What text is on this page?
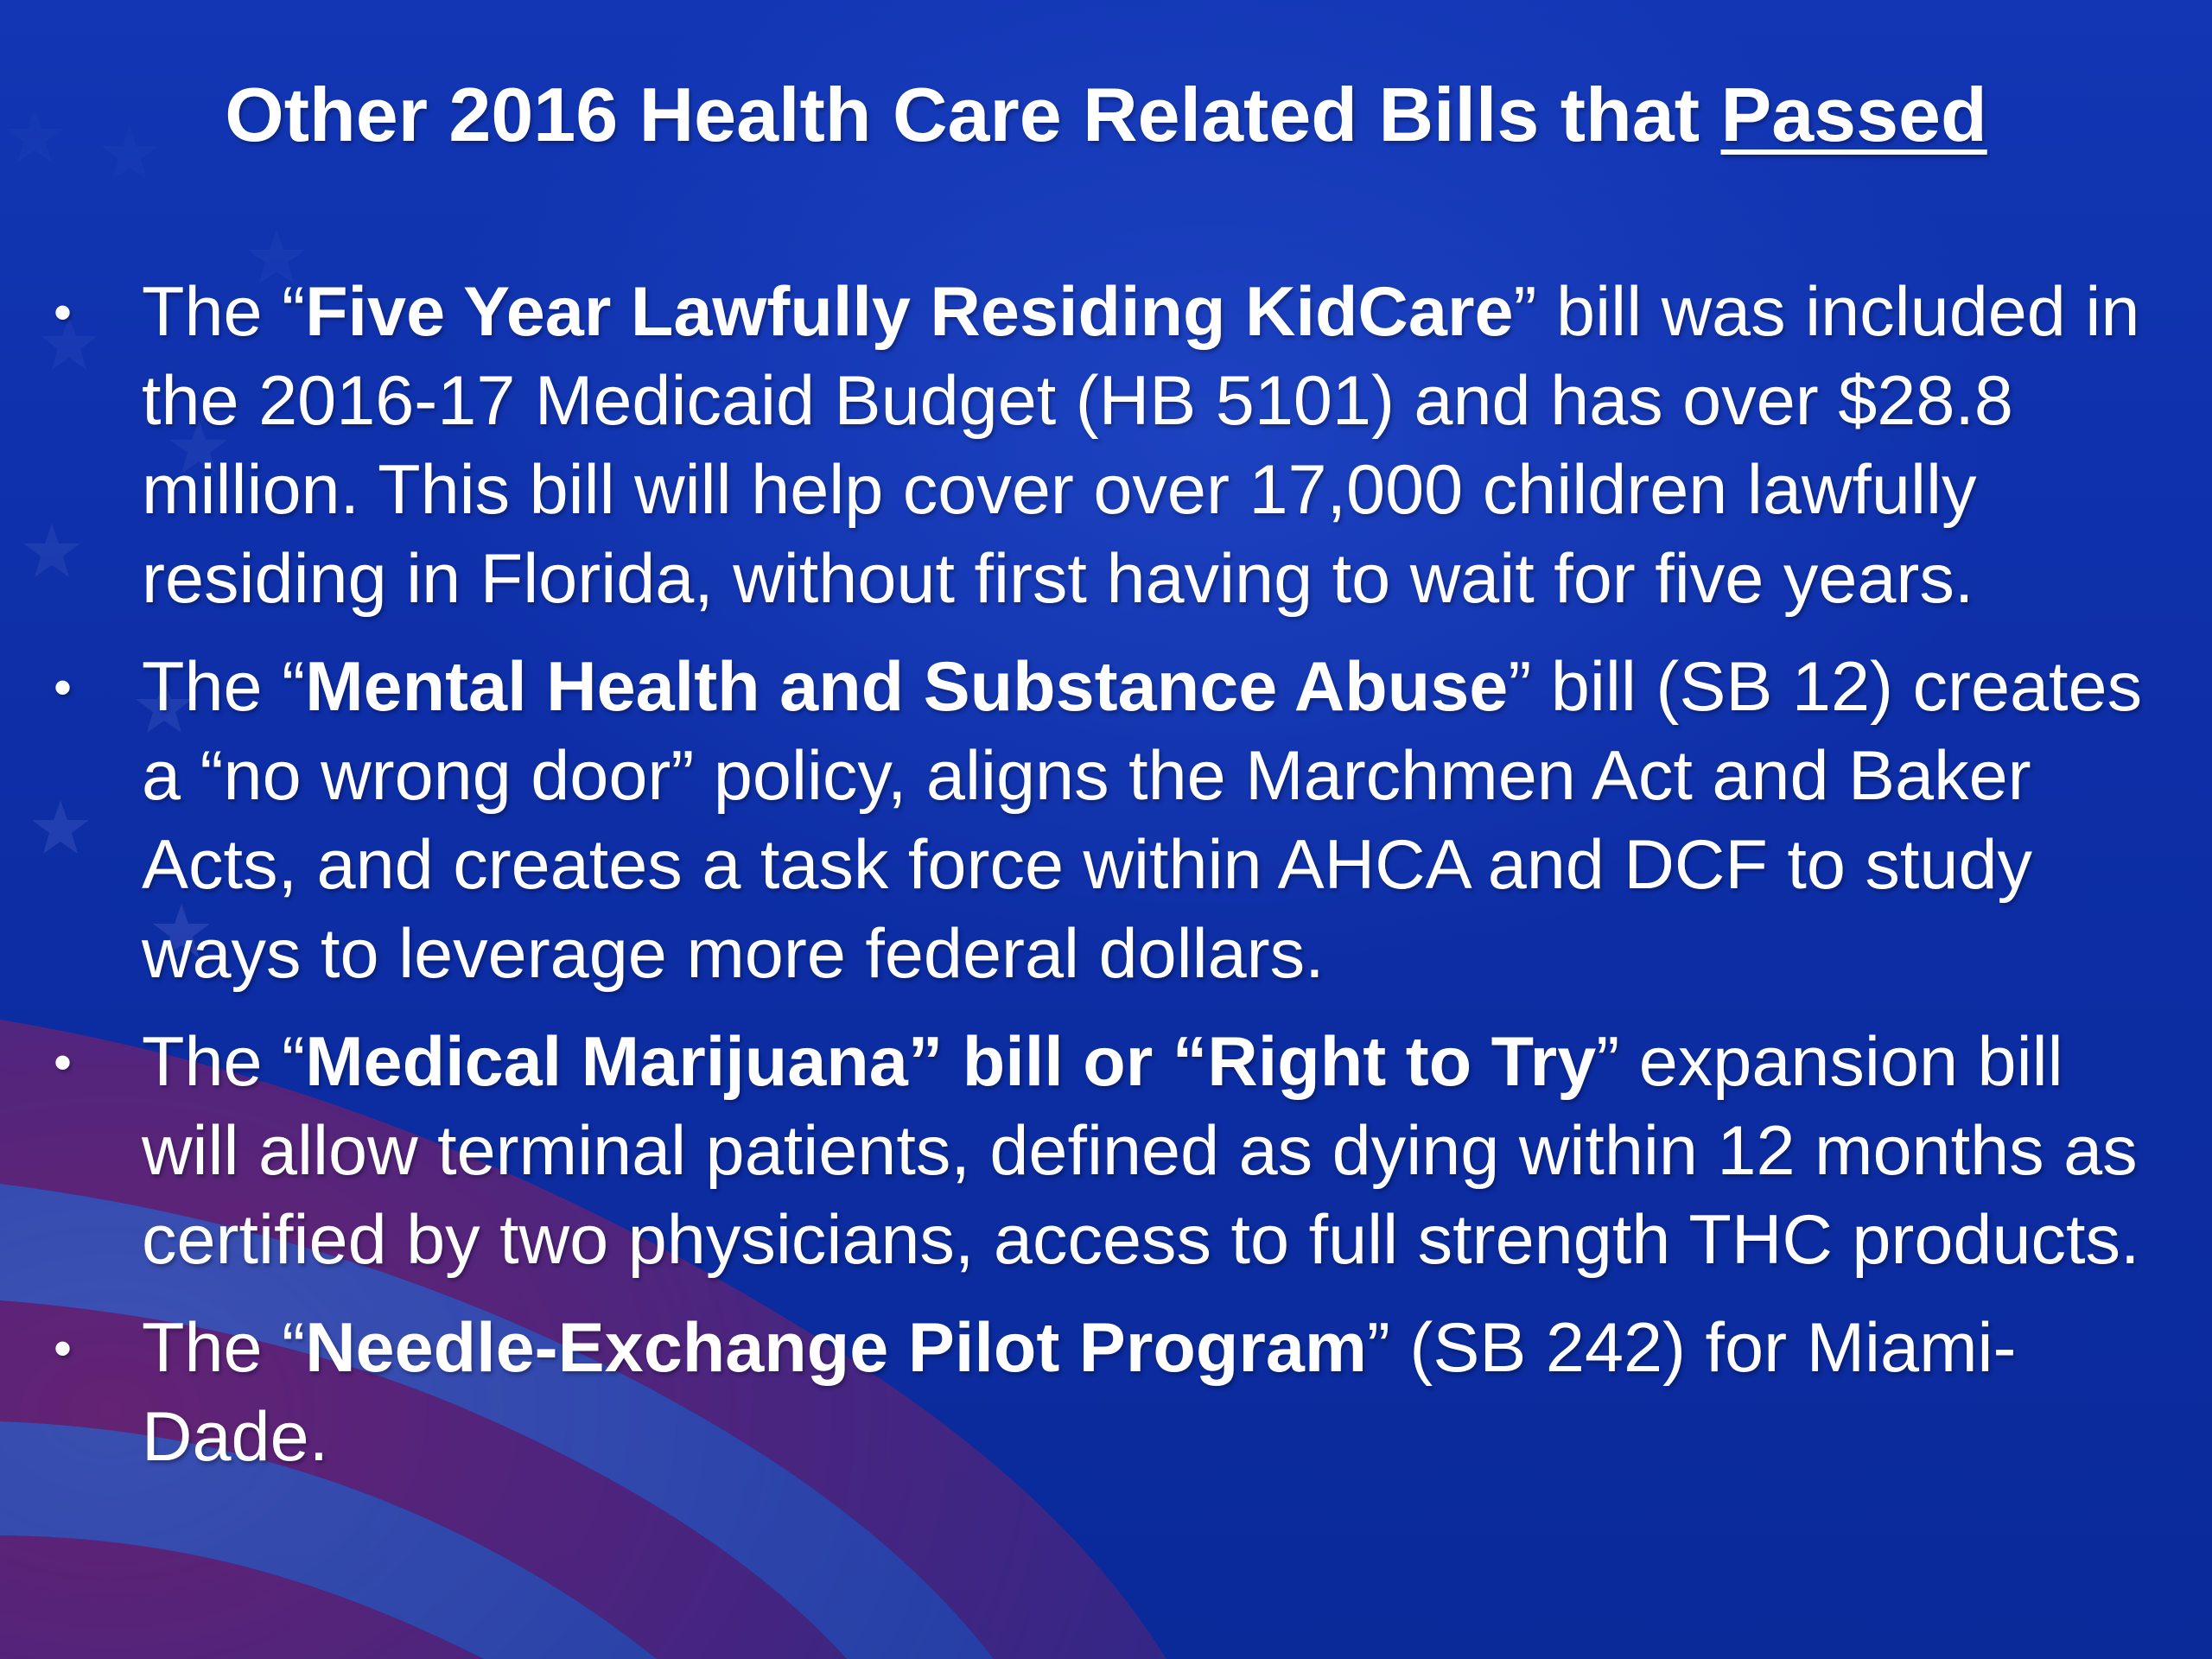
Other 2016 Health Care Related Bills that Passed
• The “Five Year Lawfully Residing KidCare” bill was included in the 2016-17 Medicaid Budget (HB 5101) and has over $28.8 million. This bill will help cover over 17,000 children lawfully residing in Florida, without first having to wait for five years.
• The “Mental Health and Substance Abuse” bill (SB 12) creates a “no wrong door” policy, aligns the Marchmen Act and Baker Acts, and creates a task force within AHCA and DCF to study ways to leverage more federal dollars.
• The “Medical Marijuana” bill or “Right to Try” expansion bill will allow terminal patients, defined as dying within 12 months as certified by two physicians, access to full strength THC products.
• The “Needle-Exchange Pilot Program” (SB 242) for Miami-Dade.
